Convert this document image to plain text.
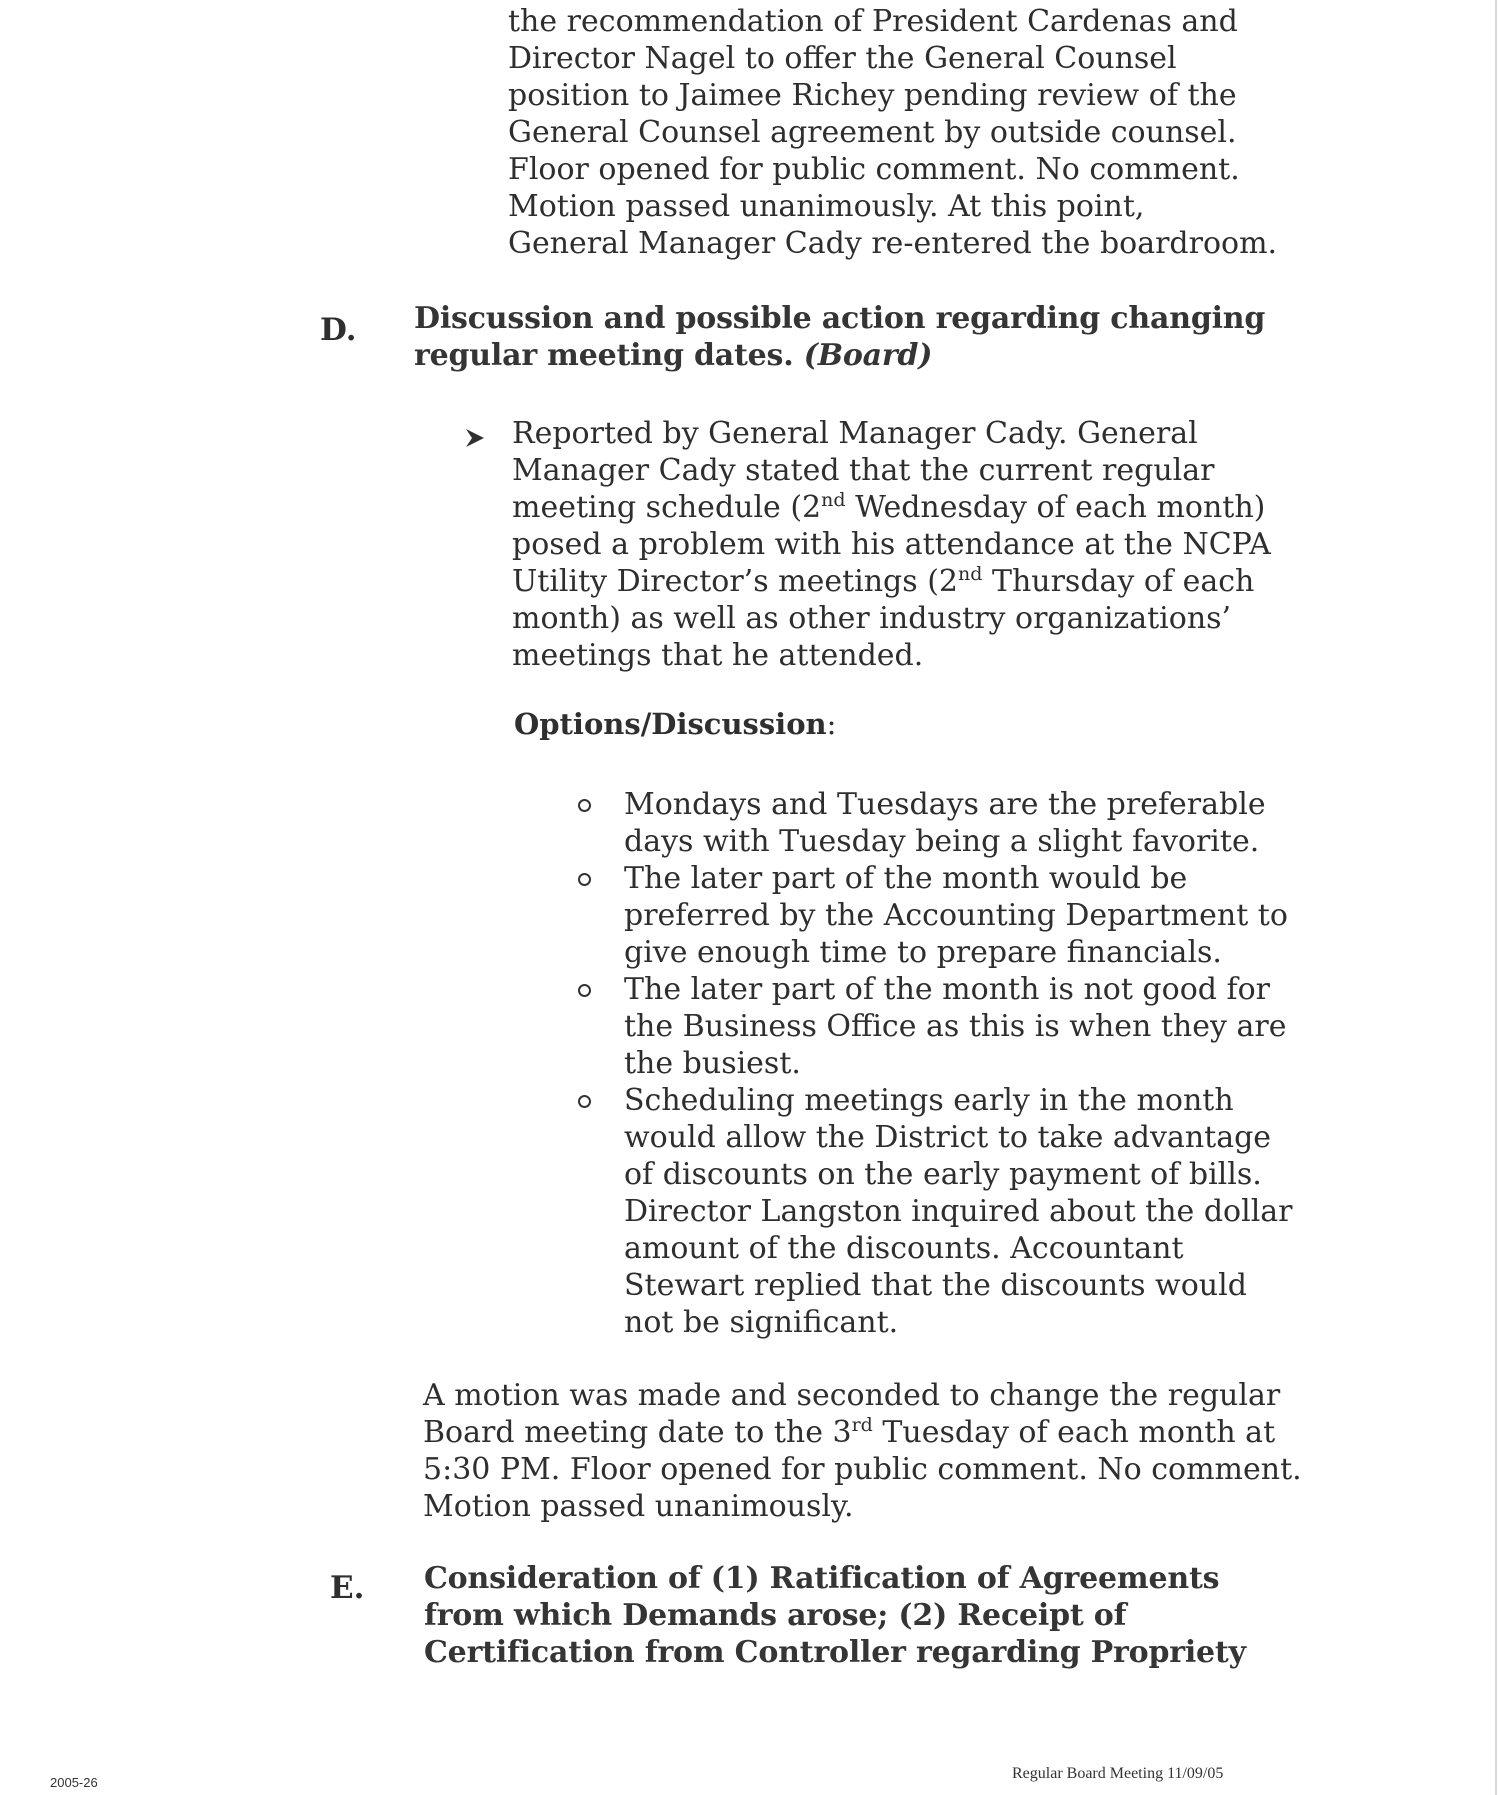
the recommendation of President Cardenas and
Director Nagel to offer the General Counsel
position to Jaimee Richey pending review of the
General Counsel agreement by outside counsel.
Floor opened for public comment. No comment.
Motion passed unanimously. At this point,
General Manager Cady re-entered the boardroom.
D. Discussion and possible action regarding changing
regular meeting dates. (Board)
Reported by General Manager Cady. General
Manager Cady stated that the current regular
meeting schedule (2nd Wednesday of each month)
posed a problem with his attendance at the NCPA
Utility Director’s meetings (2nd Thursday of each
month) as well as other industry organizations’
meetings that he attended.
Options/Discussion:
Mondays and Tuesdays are the preferable
days with Tuesday being a slight favorite.
The later part of the month would be
preferred by the Accounting Department to
give enough time to prepare financials.
The later part of the month is not good for
the Business Office as this is when they are
the busiest.
Scheduling meetings early in the month
would allow the District to take advantage
of discounts on the early payment of bills.
Director Langston inquired about the dollar
amount of the discounts. Accountant
Stewart replied that the discounts would
not be significant.
A motion was made and seconded to change the regular
Board meeting date to the 3rd Tuesday of each month at
5:30 PM. Floor opened for public comment. No comment.
Motion passed unanimously.
E. Consideration of (1) Ratification of Agreements
from which Demands arose; (2) Receipt of
Certification from Controller regarding Propriety
2005-26
Regular Board Meeting 11/09/05
